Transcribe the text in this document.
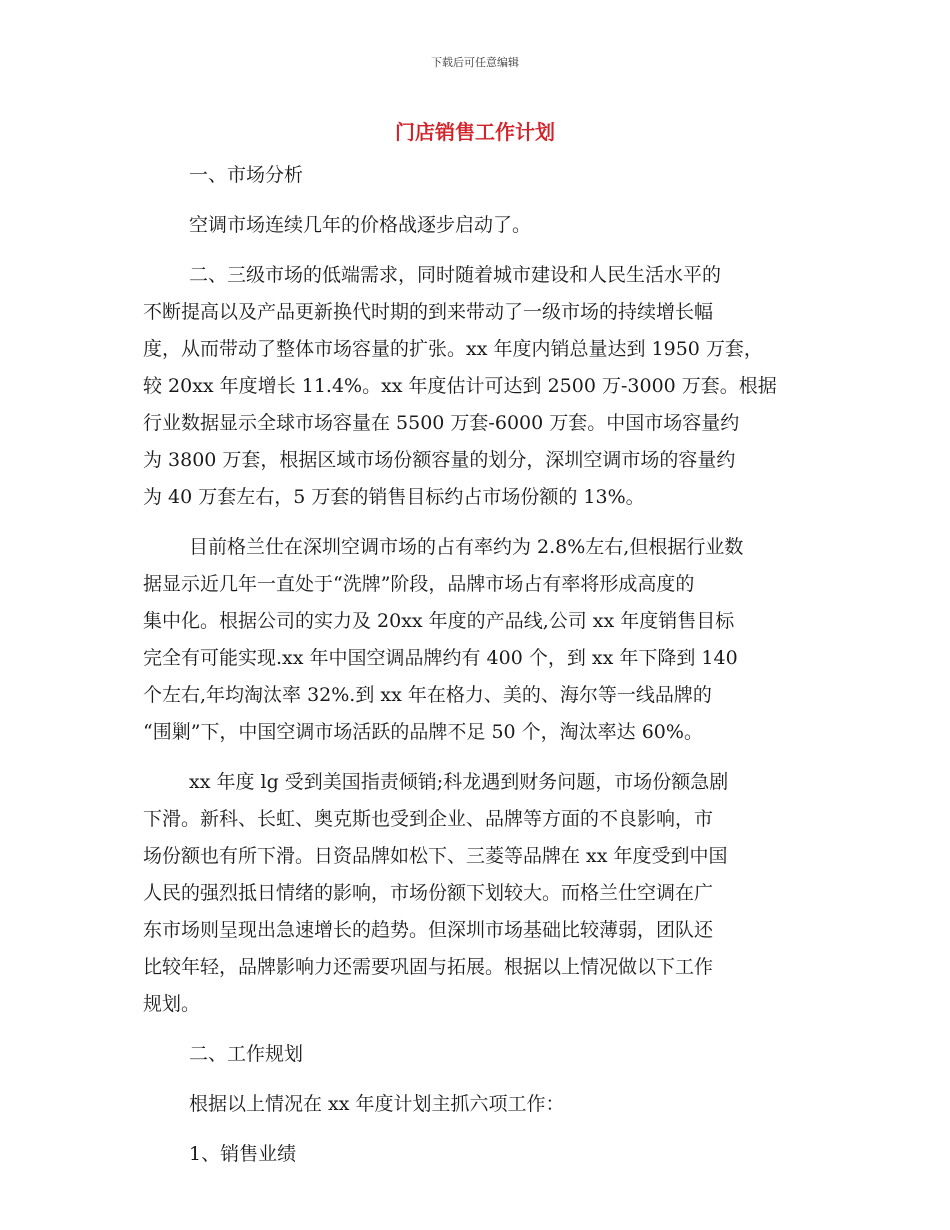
下载后可任意编辑
门店销售工作计划
一、市场分析
空调市场连续几年的价格战逐步启动了。
二、三级市场的低端需求，同时随着城市建设和人民生活水平的
不断提高以及产品更新换代时期的到来带动了一级市场的持续增长幅
度，从而带动了整体市场容量的扩张。xx 年度内销总量达到 1950 万套，
较 20xx 年度增长 11.4%。xx 年度估计可达到 2500 万-3000 万套。根据
行业数据显示全球市场容量在 5500 万套-6000 万套。中国市场容量约
为 3800 万套，根据区域市场份额容量的划分，深圳空调市场的容量约
为 40 万套左右，5 万套的销售目标约占市场份额的 13%。
目前格兰仕在深圳空调市场的占有率约为 2.8%左右,但根据行业数
据显示近几年一直处于“洗牌”阶段，品牌市场占有率将形成高度的
集中化。根据公司的实力及 20xx 年度的产品线,公司 xx 年度销售目标
完全有可能实现.xx 年中国空调品牌约有 400 个，到 xx 年下降到 140
个左右,年均淘汰率 32%.到 xx 年在格力、美的、海尔等一线品牌的
“围剿”下，中国空调市场活跃的品牌不足 50 个，淘汰率达 60%。
xx 年度 lg 受到美国指责倾销;科龙遇到财务问题，市场份额急剧
下滑。新科、长虹、奥克斯也受到企业、品牌等方面的不良影响，市
场份额也有所下滑。日资品牌如松下、三菱等品牌在 xx 年度受到中国
人民的强烈抵日情绪的影响，市场份额下划较大。而格兰仕空调在广
东市场则呈现出急速增长的趋势。但深圳市场基础比较薄弱，团队还
比较年轻，品牌影响力还需要巩固与拓展。根据以上情况做以下工作
规划。
二、工作规划
根据以上情况在 xx 年度计划主抓六项工作：
1、销售业绩
